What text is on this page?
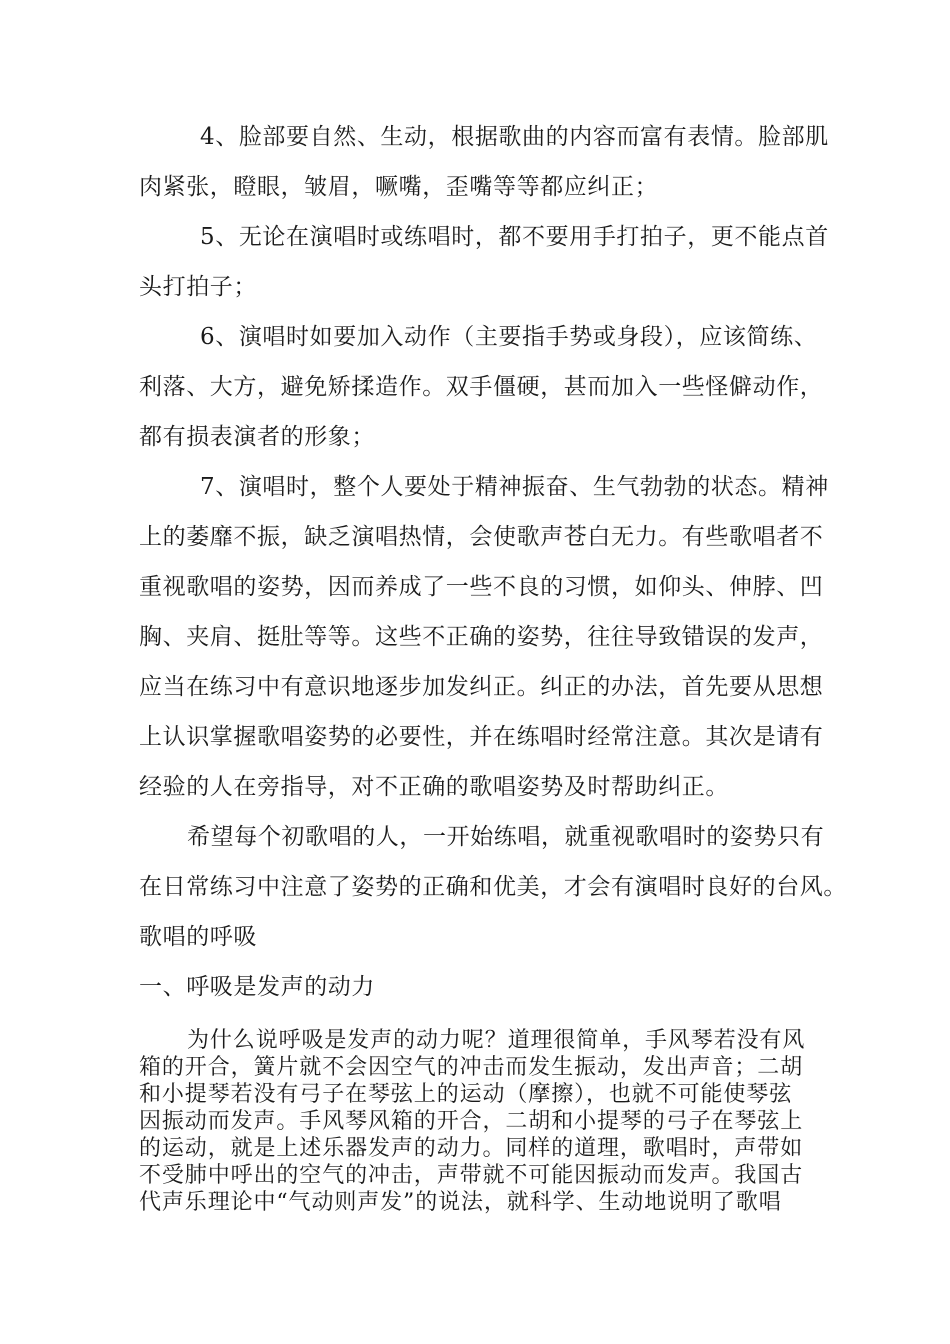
4、脸部要自然、生动，根据歌曲的内容而富有表情。脸部肌
肉紧张，瞪眼，皱眉，噘嘴，歪嘴等等都应纠正；
5、无论在演唱时或练唱时，都不要用手打拍子，更不能点首
头打拍子；
6、演唱时如要加入动作（主要指手势或身段），应该简练、
利落、大方，避免矫揉造作。双手僵硬，甚而加入一些怪僻动作，
都有损表演者的形象；
7、演唱时，整个人要处于精神振奋、生气勃勃的状态。精神
上的萎靡不振，缺乏演唱热情，会使歌声苍白无力。有些歌唱者不
重视歌唱的姿势，因而养成了一些不良的习惯，如仰头、伸脖、凹
胸、夹肩、挺肚等等。这些不正确的姿势，往往导致错误的发声，
应当在练习中有意识地逐步加发纠正。纠正的办法，首先要从思想
上认识掌握歌唱姿势的必要性，并在练唱时经常注意。其次是请有
经验的人在旁指导，对不正确的歌唱姿势及时帮助纠正。
希望每个初歌唱的人，一开始练唱，就重视歌唱时的姿势只有
在日常练习中注意了姿势的正确和优美，才会有演唱时良好的台风。
歌唱的呼吸
一、呼吸是发声的动力
为什么说呼吸是发声的动力呢？道理很简单，手风琴若没有风
箱的开合，簧片就不会因空气的冲击而发生振动，发出声音；二胡
和小提琴若没有弓子在琴弦上的运动（摩擦），也就不可能使琴弦
因振动而发声。手风琴风箱的开合，二胡和小提琴的弓子在琴弦上
的运动，就是上述乐器发声的动力。同样的道理，歌唱时，声带如
不受肺中呼出的空气的冲击，声带就不可能因振动而发声。我国古
代声乐理论中“气动则声发”的说法，就科学、生动地说明了歌唱
